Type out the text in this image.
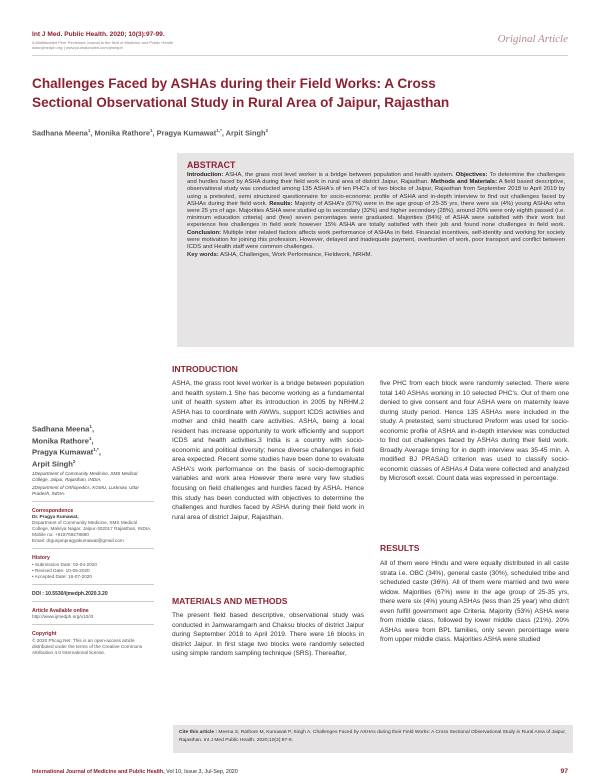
Int J Med. Public Health. 2020; 10(3):97-99.
A Multifaceted Peer Reviewed Journal in the field of Medicine and Public Health
www.ijmedph.org | www.journalonweb.com/ijmedph
Original Article
Challenges Faced by ASHAs during their Field Works: A Cross
Sectional Observational Study in Rural Area of Jaipur, Rajasthan
Sadhana Meena$^1$, Monika Rathore$^1$, Pragya Kumawat$^{1,*}$, Arpit Singh$^2$
ABSTRACT
Introduction: ASHA, the grass root level worker is a bridge between population and health system. Objectives: To determine the challenges and hurdles faced by ASHA during their field work in rural area of district Jaipur, Rajasthan. Methods and Materials: A field based descriptive, observational study was conducted among 135 ASHA's of ten PHC's of two blocks of Jaipur, Rajasthan from September 2018 to April 2019 by using a pretested, semi structured questionnaire for socio-economic profile of ASHA and in-depth interview to find out challenges faced by ASHAs during their field work. Results: Majority of ASHA's (67%) were in the age group of 25-35 yrs, there were six (4%) young ASHAs who were 25 yrs of age. Majorities ASHA were studied up to secondary (32%) and higher secondary (28%), around 20% were only eighth passed (i.e. minimum education criteria) and (few) seven percentages were graduated. Majorities (84%) of ASHA were satisfied with their work but experience few challenges in field work however 15% ASHA are totally satisfied with their job and found none challenges in field work. Conclusion: Multiple inter related factors affects work performance of ASHAs in field. Financial incentives, self-identity and working for society were motivation for joining this profession. However, delayed and inadequate payment, overburden of work, poor transport and conflict between ICDS and Health staff were common challenges.
Key words: ASHA, Challenges, Work Performance, Fieldwork, NRHM.
Sadhana Meena$^1$,
Monika Rathore$^1$,
Pragya Kumawat$^{1,*}$,
Arpit Singh$^2$
1Department of Community Medicine, SMS Medical College, Jaipur, Rajasthan, INDIA.
2Department of Orthopedics, KGMU, Lucknow, Uttar Pradesh, INDIA.
Correspondence
Dr. Pragya Kumawat,
Department of Community Medicine, SMS Medical College, Malviya Nagar, Jaipur-302017 Rajasthan, INDIA.
Mobile no: +918769278880
Email: drgunjanpragyakumawat@gmail.com
History
• Submission Date: 02-04-2020
• Revised Date: 10-05-2020
• Accepted Date: 16-07-2020
DOI : 10.5530/ijmedph.2020.3.20
Article Available online
http://www.ijmedph.org/v10/i3
Copyright
© 2020 Phcog.Net. This is an open-access article distributed under the terms of the Creative Commons Attribution 4.0 International license.
INTRODUCTION

ASHA, the grass root level worker is a bridge between population and health system.1 She has become working as a fundamental unit of health system after its introduction in 2005 by NRHM.2 ASHA has to coordinate with AWWs, support ICDS activities and mother and child health care activities. ASHA, being a local resident has increase opportunity to work efficiently and support ICDS and health activities.3 India is a country with socio-economic and political diversity; hence diverse challenges in field area expected. Recent some studies have been done to evaluate ASHA's work performance on the basis of socio-demographic variables and work area However there were very few studies focusing on field challenges and hurdles faced by ASHA. Hence this study has been conducted with objectives to determine the challenges and hurdles faced by ASHA during their field work in rural area of district Jaipur, Rajasthan.

MATERIALS AND METHODS

The present field based descriptive, observational study was conducted in Jamwaramgarh and Chaksu blocks of district Jaipur during September 2018 to April 2019. There were 16 blocks in district Jaipur. In first stage two blocks were randomly selected using simple random sampling technique (SRS). Thereafter,

five PHC from each block were randomly selected. There were total 140 ASHAs working in 10 selected PHC's. Out of them one denied to give consent and four ASHA were on maternity leave during study period. Hence 135 ASHAs were included in the study. A pretested, semi structured Preform was used for socio-economic profile of ASHA and in-depth interview was conducted to find out challenges faced by ASHAs during their field work. Broadly Average timing for in depth interview was 35-45 min. A modified BJ PRASAD criterion was used to classify socio-economic classes of ASHAs.4 Data were collected and analyzed by Microsoft excel. Count data was expressed in percentage.

RESULTS

All of them were Hindu and were equally distributed in all caste strata i.e. OBC (34%), general caste (30%), scheduled tribe and scheduled caste (36%). All of them were married and two were widow. Majorities (67%) were in the age group of 25-35 yrs, there were six (4%) young ASHAs (less than 25 year) who didn't even fulfill government age Criteria. Majority (53%) ASHA were from middle class, followed by lower middle class (21%). 20% ASHAs were from BPL families, only seven percentage were from upper middle class. Majorities ASHA were studied

Cite this article : Meena S, Rathore M, Kumawat P, Singh A. Challenges Faced by ASHAs during their Field Works: A Cross Sectional Observational Study in Rural Area of Jaipur, Rajasthan. Int J Med Public Health. 2020;10(3):97-9.
International Journal of Medicine and Public Health, Vol 10, Issue 3, Jul-Sep, 2020	97
